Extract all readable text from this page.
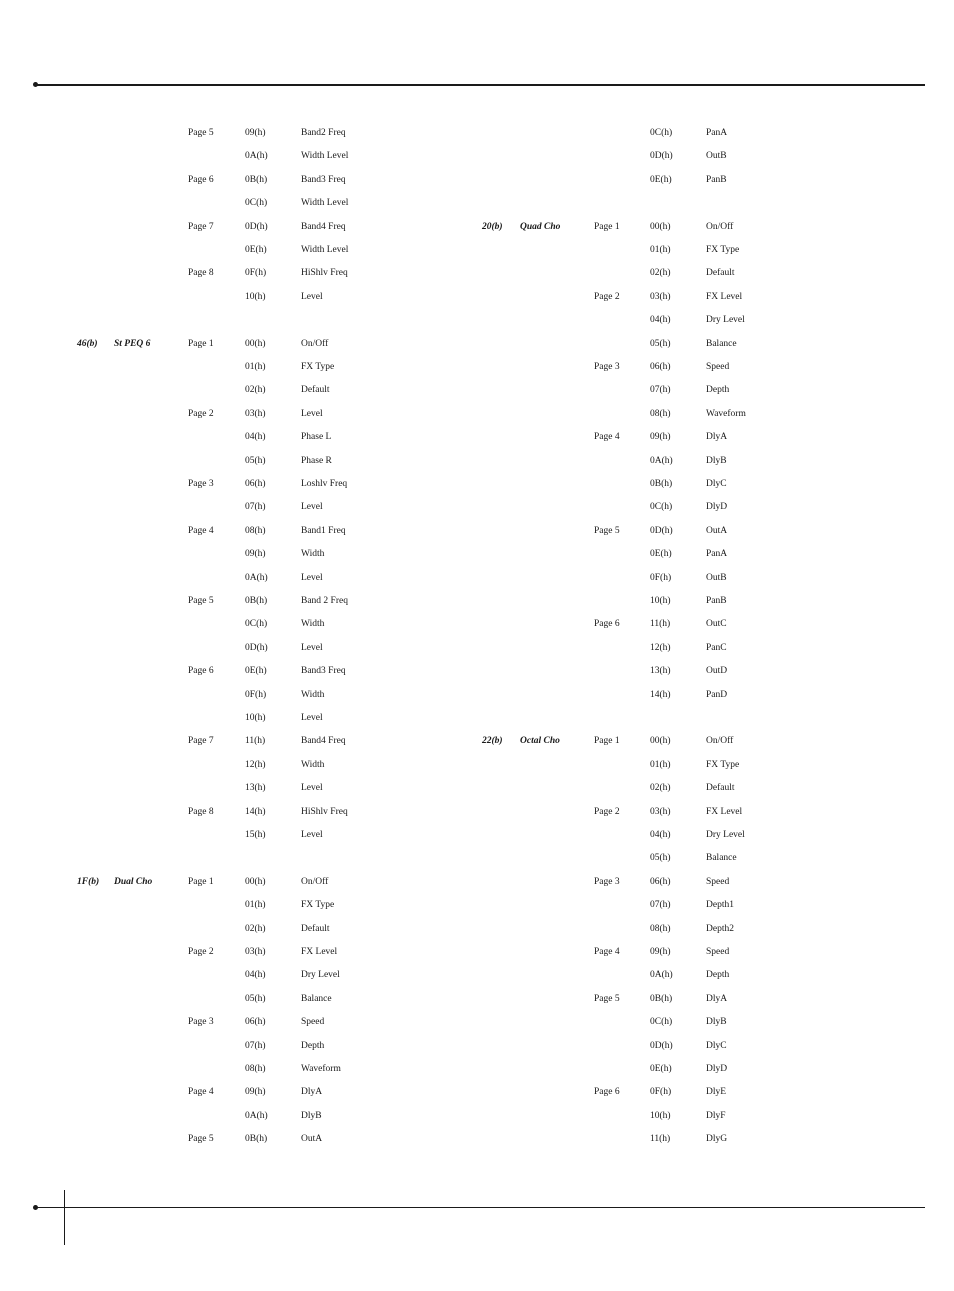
Page 5	09(h)	Band2 Freq
0A(h)	Width Level
Page 6	0B(h)	Band3 Freq
0C(h)	Width Level
Page 7	0D(h)	Band4 Freq
0E(h)	Width Level
Page 8	0F(h)	HiShlv Freq
10(h)	Level
46(b) St PEQ 6	Page 1	00(h)	On/Off
01(h)	FX Type
02(h)	Default
Page 2	03(h)	Level
04(h)	Phase L
05(h)	Phase R
Page 3	06(h)	Loshlv Freq
07(h)	Level
Page 4	08(h)	Band1 Freq
09(h)	Width
0A(h)	Level
Page 5	0B(h)	Band 2 Freq
0C(h)	Width
0D(h)	Level
Page 6	0E(h)	Band3 Freq
0F(h)	Width
10(h)	Level
Page 7	11(h)	Band4 Freq
12(h)	Width
13(h)	Level
Page 8	14(h)	HiShlv Freq
15(h)	Level
1F(b) Dual Cho	Page 1	00(h)	On/Off
01(h)	FX Type
02(h)	Default
Page 2	03(h)	FX Level
04(h)	Dry Level
05(h)	Balance
Page 3	06(h)	Speed
07(h)	Depth
08(h)	Waveform
Page 4	09(h)	DlyA
0A(h)	DlyB
Page 5	0B(h)	OutA
0C(h)	PanA
0D(h)	OutB
0E(h)	PanB
20(b) Quad Cho	Page 1	00(h)	On/Off
01(h)	FX Type
02(h)	Default
Page 2	03(h)	FX Level
04(h)	Dry Level
05(h)	Balance
Page 3	06(h)	Speed
07(h)	Depth
08(h)	Waveform
Page 4	09(h)	DlyA
0A(h)	DlyB
0B(h)	DlyC
0C(h)	DlyD
Page 5	0D(h)	OutA
0E(h)	PanA
0F(h)	OutB
10(h)	PanB
Page 6	11(h)	OutC
12(h)	PanC
13(h)	OutD
14(h)	PanD
22(b) Octal Cho	Page 1	00(h)	On/Off
01(h)	FX Type
02(h)	Default
Page 2	03(h)	FX Level
04(h)	Dry Level
05(h)	Balance
Page 3	06(h)	Speed
07(h)	Depth1
08(h)	Depth2
Page 4	09(h)	Speed
0A(h)	Depth
Page 5	0B(h)	DlyA
0C(h)	DlyB
0D(h)	DlyC
0E(h)	DlyD
Page 6	0F(h)	DlyE
10(h)	DlyF
11(h)	DlyG
